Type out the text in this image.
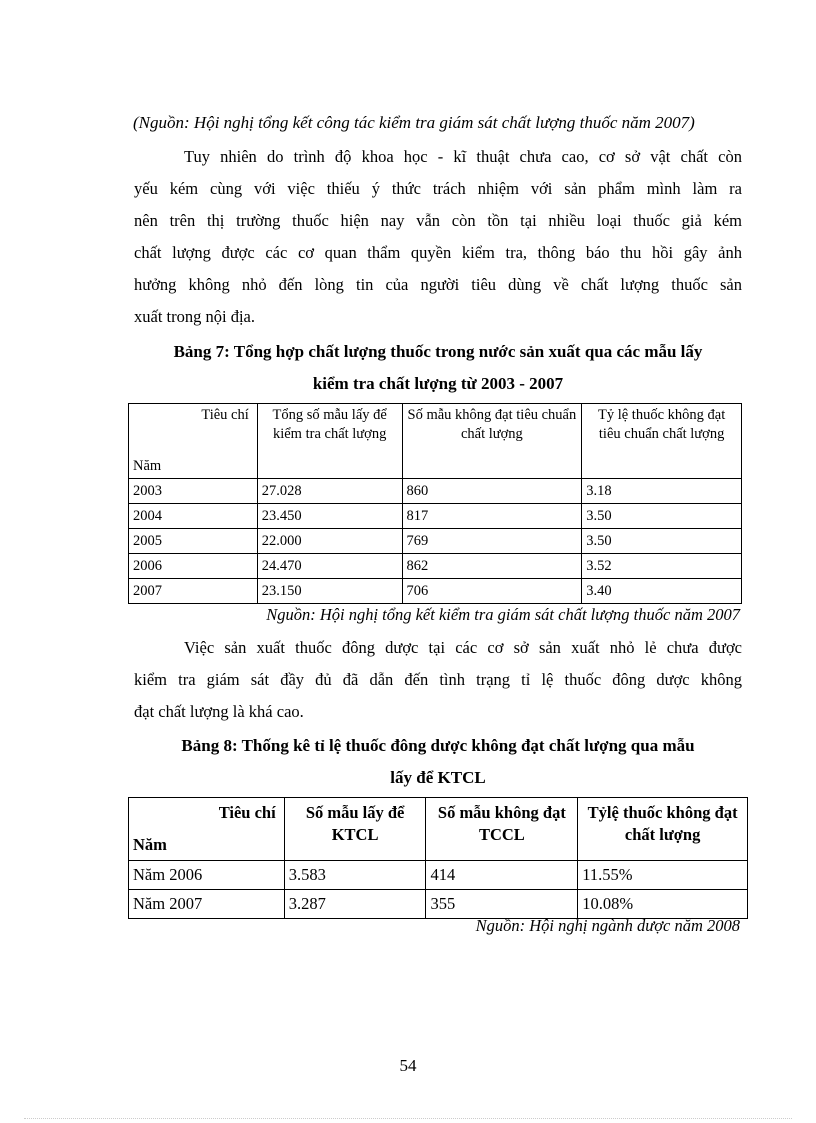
(Nguồn: Hội nghị tổng kết công tác kiểm tra giám sát chất lượng thuốc năm 2007)
Tuy nhiên do trình độ khoa học - kĩ thuật chưa cao, cơ sở vật chất còn
yếu kém cùng với việc thiếu ý thức trách nhiệm với sản phẩm mình làm ra
nên trên thị trường thuốc hiện nay vẫn còn tồn tại nhiều loại thuốc giả kém
chất lượng được các cơ quan thẩm quyền kiểm tra, thông báo thu hồi gây ảnh
hưởng không nhỏ đến lòng tin của người tiêu dùng về chất lượng thuốc sản
xuất trong nội địa.
Bảng 7: Tổng hợp chất lượng thuốc trong nước sản xuất qua các mẫu lấy
kiểm tra chất lượng từ 2003 - 2007
Tiêu chí
Năm	Tổng số mẫu lấy để kiểm tra chất lượng	Số mẫu không đạt tiêu chuẩn chất lượng	Tỷ lệ thuốc không đạt tiêu chuẩn chất lượng
2003	27.028	860	3.18
2004	23.450	817	3.50
2005	22.000	769	3.50
2006	24.470	862	3.52
2007	23.150	706	3.40
Nguồn: Hội nghị tổng kết kiểm tra giám sát chất lượng thuốc năm 2007
Việc sản xuất thuốc đông dược tại các cơ sở sản xuất nhỏ lẻ chưa được
kiểm tra giám sát đầy đủ đã dẫn đến tình trạng tỉ lệ thuốc đông dược không
đạt chất lượng là khá cao.
Bảng 8: Thống kê tỉ lệ thuốc đông dược không đạt chất lượng qua mẫu
lấy để KTCL
Tiêu chí
Năm	Số mẫu lấy để KTCL	Số mẫu không đạt TCCL	Tỷlệ thuốc không đạt chất lượng
Năm 2006	3.583	414	11.55%
Năm 2007	3.287	355	10.08%
Nguồn: Hội nghị ngành dược năm 2008
54
